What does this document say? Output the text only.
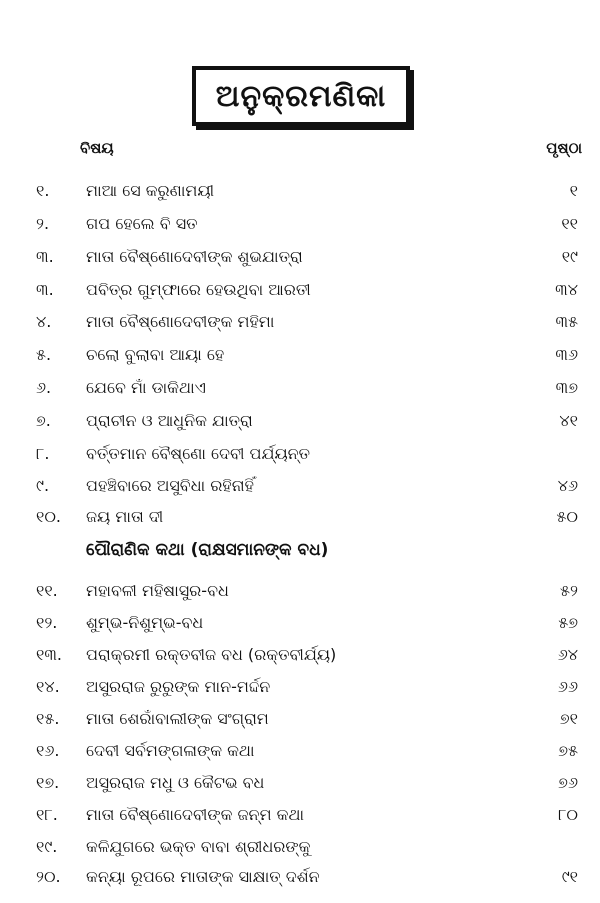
ଅନୁକ୍ରମଣିକା
ବିଷୟ	ପୃଷ୍ଠା
୧.	ମାଆ ସେ କରୁଣାମୟୀ	୧
୨.	ଗପ ହେଲେ ବି ସତ	୧୧
୩.	ମାତା ବୈଷ୍ଣୋଦେବୀଙ୍କ ଶୁଭଯାତ୍ରା	୧୯
୩.	ପବିତ୍ର ଗୁମ୍ଫାରେ ହେଉଥିବା ଆରତୀ	୩୪
୪.	ମାତା ବୈଷ୍ଣୋଦେବୀଙ୍କ ମହିମା	୩୫
୫.	ଚଲୋ ବୁଲାବା ଆୟା ହେ	୩୬
୬.	ଯେବେ ମାଁ ଡାକିଥାଏ	୩୭
୭.	ପ୍ରାଚୀନ ଓ ଆଧୁନିକ ଯାତ୍ରା	୪୧
୮.	ବର୍ତ୍ତମାନ ବୈଷ୍ଣୋ ଦେବୀ ପର୍ଯ୍ୟନ୍ତ
୯.	ପହଞ୍ଚିବାରେ ଅସୁବିଧା ରହିନାହିଁ	୪୬
୧୦.	ଜୟ ମାତା ଦୀ	୫୦
ପୌରାଣିକ କଥା (ରାକ୍ଷସମାନଙ୍କ ବଧ)
୧୧.	ମହାବଳୀ ମହିଷାସୁର-ବଧ	୫୨
୧୨.	ଶୁମ୍ଭ-ନିଶୁମ୍ଭ-ବଧ	୫୭
୧୩.	ପରାକ୍ରମୀ ରକ୍ତବୀଜ ବଧ (ରକ୍ତବୀର୍ଯ୍ୟ)	୬୪
୧୪.	ଅସୁରରାଜ ରୁରୁଙ୍କ ମାନ-ମର୍ଦ୍ଦନ	୬୬
୧୫.	ମାତା ଶେରାଁବାଲୀଙ୍କ ସଂଗ୍ରାମ	୭୧
୧୬.	ଦେବୀ ସର୍ବମଙ୍ଗଳାଙ୍କ କଥା	୭୫
୧୭.	ଅସୁରରାଜ ମଧୁ ଓ କୈଟଭ ବଧ	୭୬
୧୮.	ମାତା ବୈଷ୍ଣୋଦେବୀଙ୍କ ଜନ୍ମ କଥା	୮୦
୧୯.	କଳିଯୁଗରେ ଭକ୍ତ ବାବା ଶ୍ରୀଧରଙ୍କୁ
୨୦.	କନ୍ୟା ରୂପରେ ମାତାଙ୍କ ସାକ୍ଷାତ୍ ଦର୍ଶନ	୯୧
